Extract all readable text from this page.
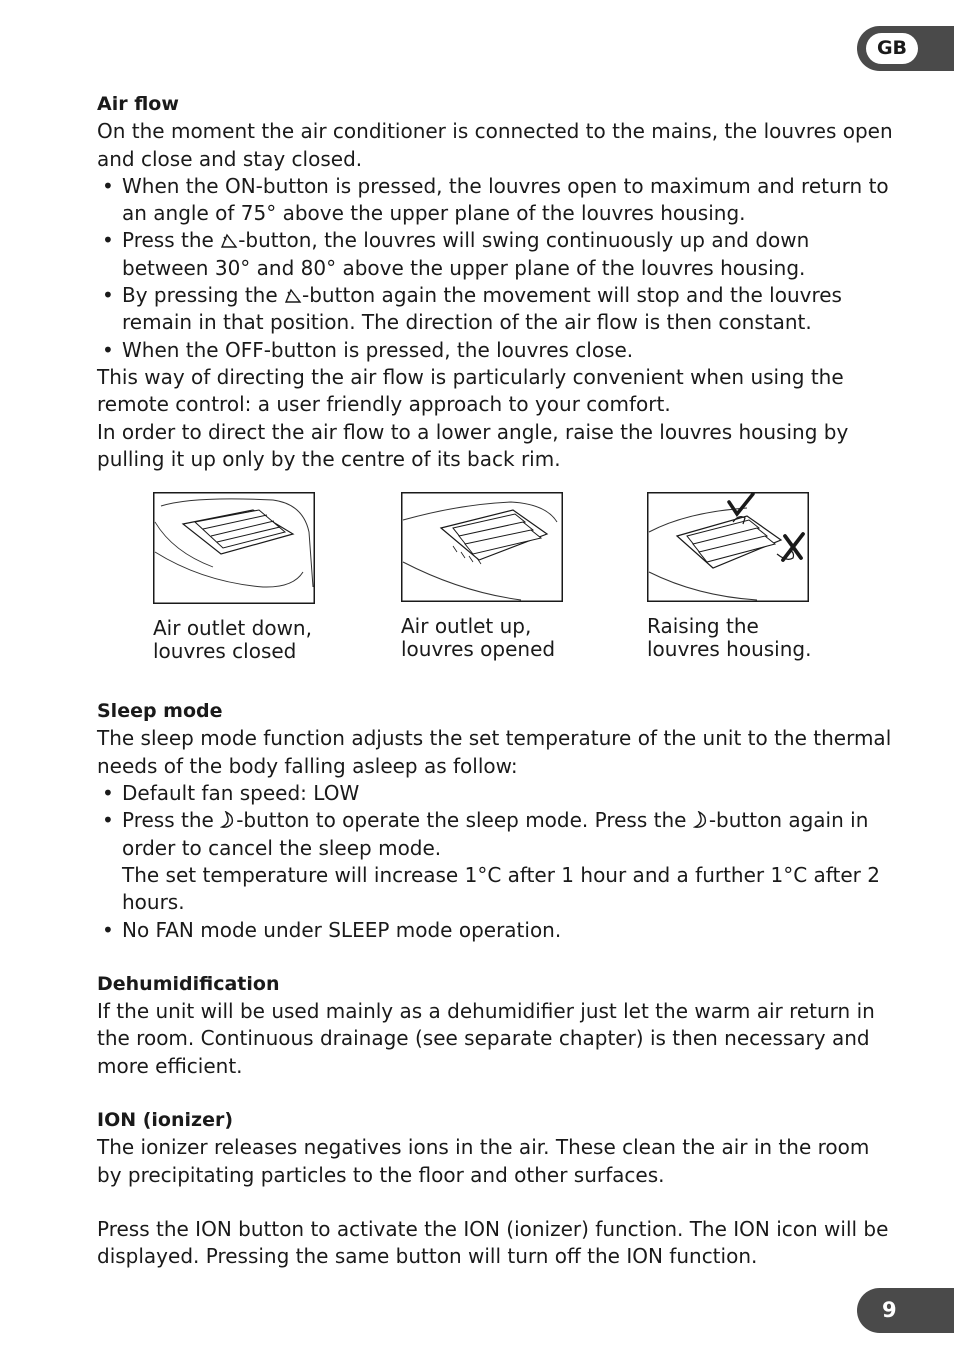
GB
Air flow

On the moment the air conditioner is connected to the mains, the louvres open and close and stay closed.

• When the ON-button is pressed, the louvres open to maximum and return to an angle of 75° above the upper plane of the louvres housing.
• Press the -button, the louvres will swing continuously up and down between 30° and 80° above the upper plane of the louvres housing.
• By pressing the -button again the movement will stop and the louvres remain in that position. The direction of the air flow is then constant.
• When the OFF-button is pressed, the louvres close.

This way of directing the air flow is particularly convenient when using the remote control: a user friendly approach to your comfort.

In order to direct the air flow to a lower angle, raise the louvres housing by pulling it up only by the centre of its back rim.

Air outlet down,
louvres closed
Air outlet up,
louvres opened
Raising the
louvres housing.
Sleep mode

The sleep mode function adjusts the set temperature of the unit to the thermal needs of the body falling asleep as follow:

• Default fan speed: LOW
• Press the -button to operate the sleep mode. Press the -button again in order to cancel the sleep mode.
The set temperature will increase 1°C after 1 hour and a further 1°C after 2 hours.
• No FAN mode under SLEEP mode operation.
Dehumidification

If the unit will be used mainly as a dehumidifier just let the warm air return in the room. Continuous drainage (see separate chapter) is then necessary and more efficient.

ION (ionizer)

The ionizer releases negatives ions in the air. These clean the air in the room by precipitating particles to the floor and other surfaces.

Press the ION button to activate the ION (ionizer) function. The ION icon will be displayed. Pressing the same button will turn off the ION function.

9
